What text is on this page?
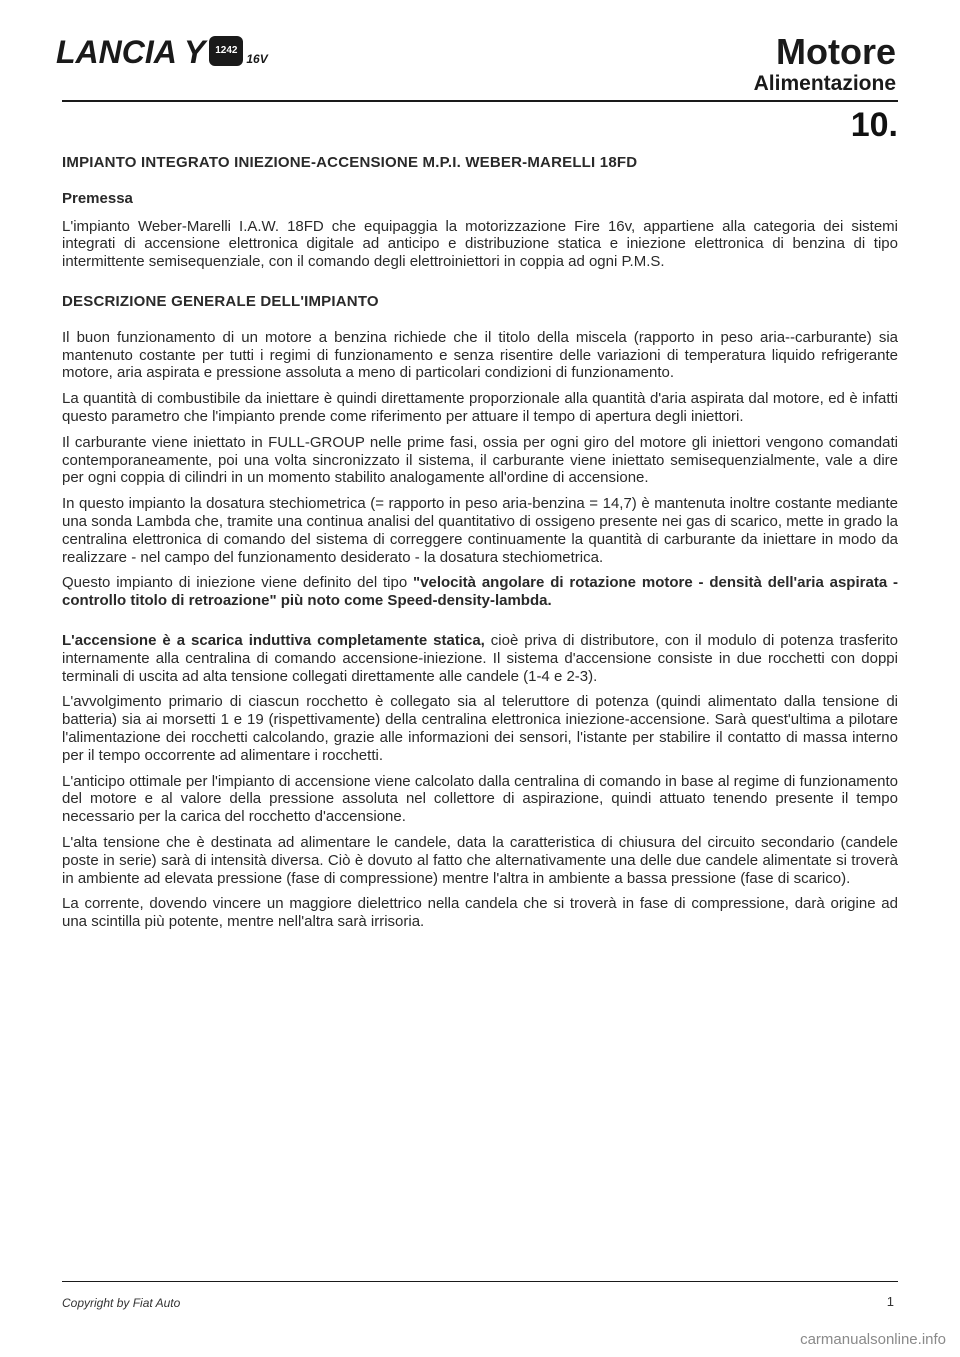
LANCIA Y 1242
16V	Motore
Alimentazione
10.
IMPIANTO INTEGRATO INIEZIONE-ACCENSIONE M.P.I. WEBER-MARELLI 18FD
Premessa

L'impianto Weber-Marelli I.A.W. 18FD che equipaggia la motorizzazione Fire 16v, appartiene alla categoria dei sistemi integrati di accensione elettronica digitale ad anticipo e distribuzione statica e iniezione elettronica di benzina di tipo intermittente semisequenziale, con il comando degli elettroiniettori in coppia ad ogni P.M.S.

DESCRIZIONE GENERALE DELL'IMPIANTO

Il buon funzionamento di un motore a benzina richiede che il titolo della miscela (rapporto in peso aria--carburante) sia mantenuto costante per tutti i regimi di funzionamento e senza risentire delle variazioni di temperatura liquido refrigerante motore, aria aspirata e pressione assoluta a meno di particolari condizioni di funzionamento.

La quantità di combustibile da iniettare è quindi direttamente proporzionale alla quantità d'aria aspirata dal motore, ed è infatti questo parametro che l'impianto prende come riferimento per attuare il tempo di apertura degli iniettori.

Il carburante viene iniettato in FULL-GROUP nelle prime fasi, ossia per ogni giro del motore gli iniettori vengono comandati contemporaneamente, poi una volta sincronizzato il sistema, il carburante viene iniettato semisequenzialmente, vale a dire per ogni coppia di cilindri in un momento stabilito analogamente all'ordine di accensione.

In questo impianto la dosatura stechiometrica (= rapporto in peso aria-benzina = 14,7) è mantenuta inoltre costante mediante una sonda Lambda che, tramite una continua analisi del quantitativo di ossigeno presente nei gas di scarico, mette in grado la centralina elettronica di comando del sistema di correggere continuamente la quantità di carburante da iniettare in modo da realizzare - nel campo del funzionamento desiderato - la dosatura stechiometrica.

Questo impianto di iniezione viene definito del tipo "velocità angolare di rotazione motore - densità dell'aria aspirata - controllo titolo di retroazione" più noto come Speed-density-lambda.

L'accensione è a scarica induttiva completamente statica, cioè priva di distributore, con il modulo di potenza trasferito internamente alla centralina di comando accensione-iniezione. Il sistema d'accensione consiste in due rocchetti con doppi terminali di uscita ad alta tensione collegati direttamente alle candele (1-4 e 2-3).

L'avvolgimento primario di ciascun rocchetto è collegato sia al teleruttore di potenza (quindi alimentato dalla tensione di batteria) sia ai morsetti 1 e 19 (rispettivamente) della centralina elettronica iniezione-accensione. Sarà quest'ultima a pilotare l'alimentazione dei rocchetti calcolando, grazie alle informazioni dei sensori, l'istante per stabilire il contatto di massa interno per il tempo occorrente ad alimentare i rocchetti.

L'anticipo ottimale per l'impianto di accensione viene calcolato dalla centralina di comando in base al regime di funzionamento del motore e al valore della pressione assoluta nel collettore di aspirazione, quindi attuato tenendo presente il tempo necessario per la carica del rocchetto d'accensione.

L'alta tensione che è destinata ad alimentare le candele, data la caratteristica di chiusura del circuito secondario (candele poste in serie) sarà di intensità diversa. Ciò è dovuto al fatto che alternativamente una delle due candele alimentate si troverà in ambiente ad elevata pressione (fase di compressione) mentre l'altra in ambiente a bassa pressione (fase di scarico).

La corrente, dovendo vincere un maggiore dielettrico nella candela che si troverà in fase di compressione, darà origine ad una scintilla più potente, mentre nell'altra sarà irrisoria.

Copyright by Fiat Auto	1
carmanualsonline.info
